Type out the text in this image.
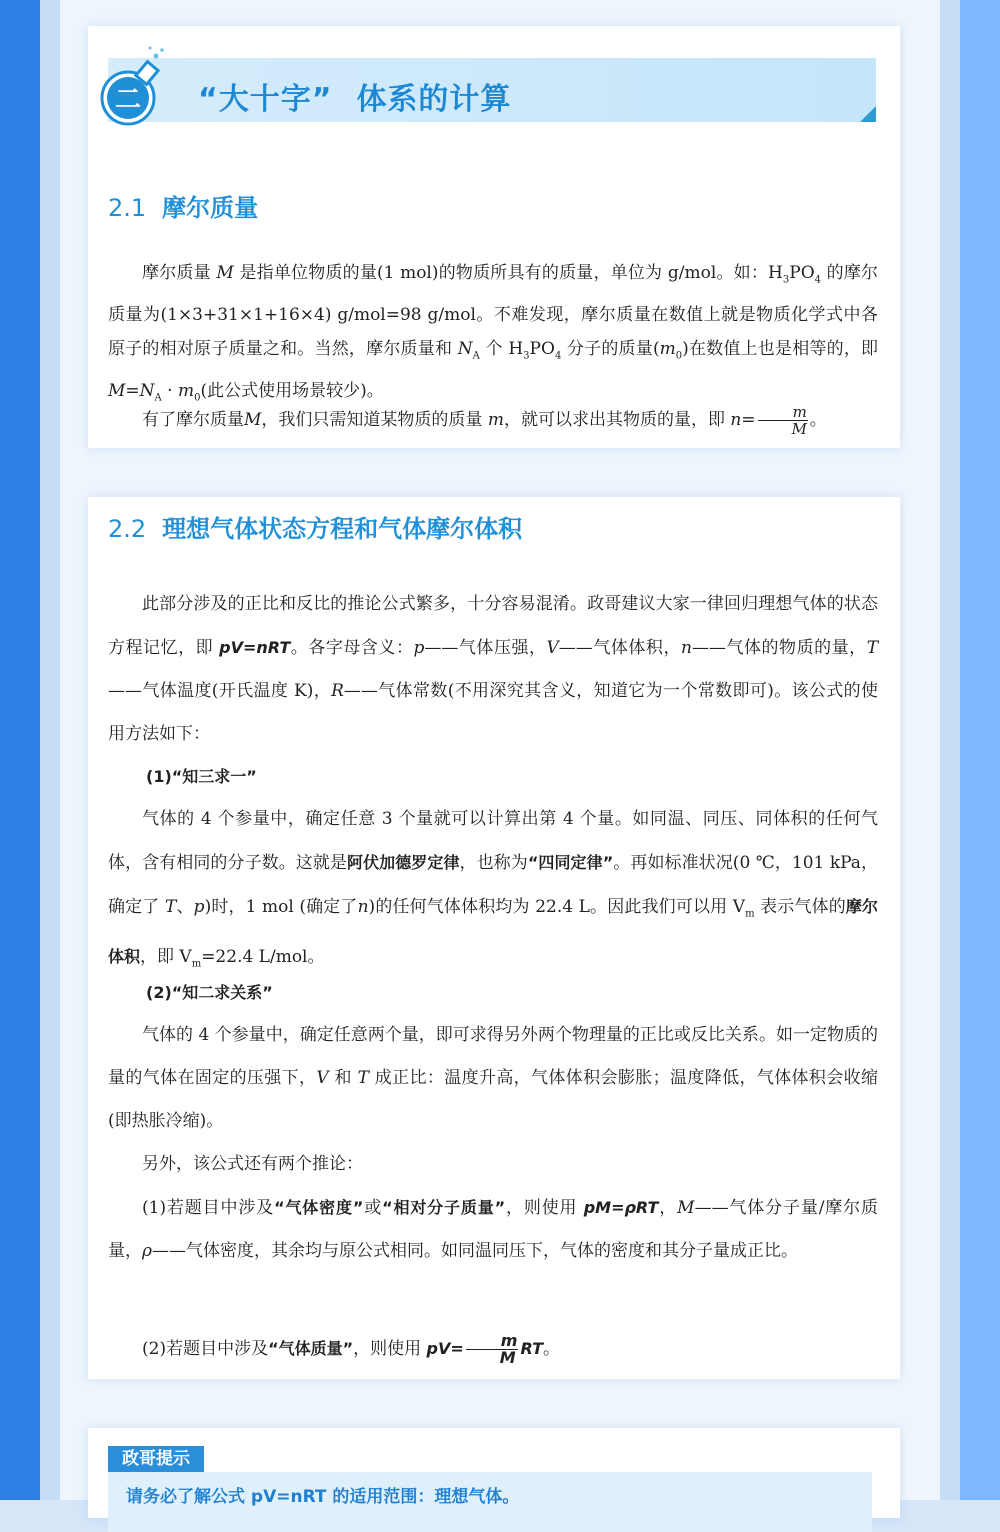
二 “大十字” 体系的计算
2.1 摩尔质量
摩尔质量 M 是指单位物质的量(1 mol)的物质所具有的质量，单位为 g/mol。如：$H_3PO_4$ 的摩尔质量为(1×3+31×1+16×4) g/mol=98 g/mol。不难发现，摩尔质量在数值上就是物质化学式中各原子的相对原子质量之和。当然，摩尔质量和 $N_A$ 个 $H_3PO_4$ 分子的质量$(m_0)$在数值上也是相等的，即 $M=N_A \cdot m_0$(此公式使用场景较少)。
有了摩尔质量M，我们只需知道某物质的质量 m，就可以求出其物质的量，即 $n= \frac{m}{M}$ 。
2.2 理想气体状态方程和气体摩尔体积
此部分涉及的正比和反比的推论公式繁多，十分容易混淆。政哥建议大家一律回归理想气体的状态方程记忆，即 pV=nRT。各字母含义：p——气体压强，V——气体体积，n——气体的物质的量，T——气体温度(开氏温度 K)，R——气体常数(不用深究其含义，知道它为一个常数即可)。该公式的使用方法如下：
(1)“知三求一”
气体的 4 个参量中，确定任意 3 个量就可以计算出第 4 个量。如同温、同压、同体积的任何气体，含有相同的分子数。这就是阿伏加德罗定律，也称为“四同定律”。再如标准状况(0 ℃，101 kPa，确定了 T、p)时，1 mol (确定了n)的任何气体体积均为 22.4 L。因此我们可以用 $V_m$ 表示气体的摩尔体积，即 $V_m=22.4$ L/mol。
(2)“知二求关系”
气体的 4 个参量中，确定任意两个量，即可求得另外两个物理量的正比或反比关系。如一定物质的量的气体在固定的压强下，V 和 T 成正比：温度升高，气体体积会膨胀；温度降低，气体体积会收缩(即热胀冷缩)。
另外，该公式还有两个推论：
(1)若题目中涉及“气体密度”或“相对分子质量”，则使用 pM=ρRT，M——气体分子量/摩尔质量，ρ——气体密度，其余均与原公式相同。如同温同压下，气体的密度和其分子量成正比。
(2)若题目中涉及“气体质量”，则使用 pV=	m
M RT。
政哥提示
请务必了解公式 pV=nRT 的适用范围：理想气体。
